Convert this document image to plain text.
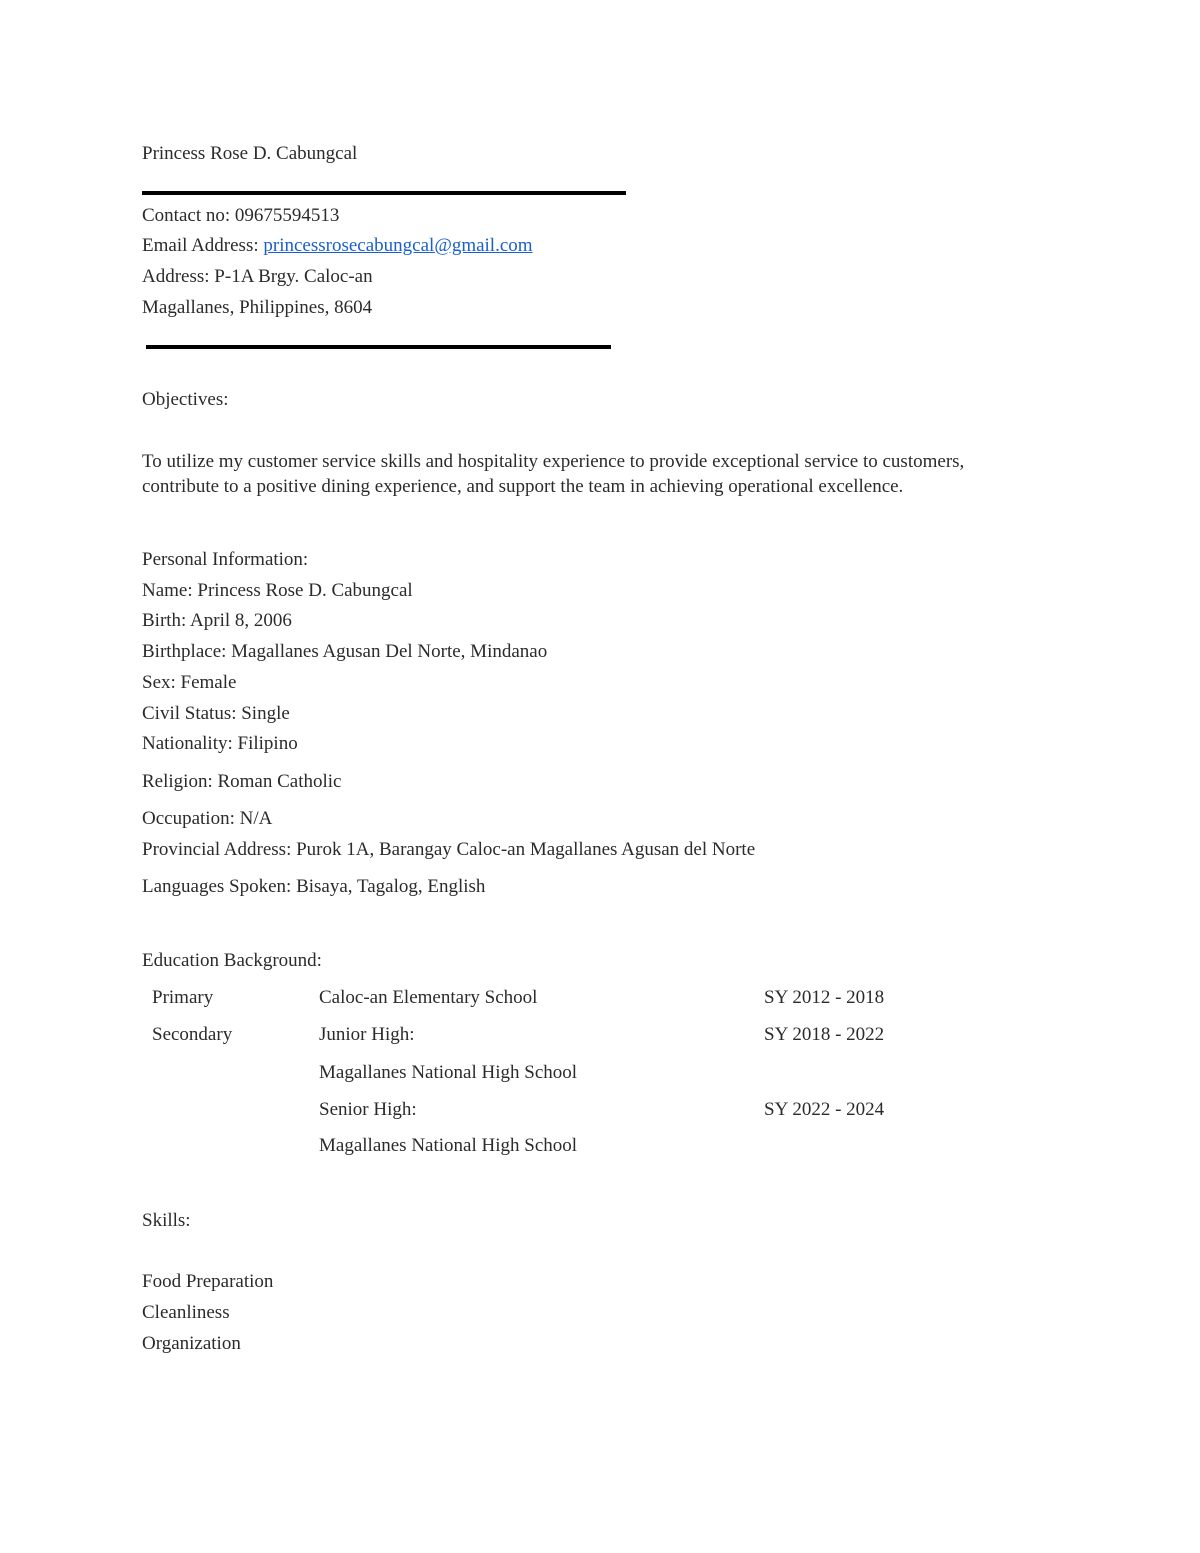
Princess Rose D. Cabungcal
Contact no: 09675594513
Email Address: princessrosecabungcal@gmail.com
Address: P-1A Brgy. Caloc-an
Magallanes, Philippines, 8604
Objectives:
To utilize my customer service skills and hospitality experience to provide exceptional service to customers, contribute to a positive dining experience, and support the team in achieving operational excellence.
Personal Information:
Name: Princess Rose D. Cabungcal
Birth: April 8, 2006
Birthplace: Magallanes Agusan Del Norte, Mindanao
Sex: Female
Civil Status: Single
Nationality: Filipino
Religion: Roman Catholic
Occupation: N/A
Provincial Address: Purok 1A, Barangay Caloc-an Magallanes Agusan del Norte
Languages Spoken: Bisaya, Tagalog, English
Education Background:
Primary	Caloc-an Elementary School	SY 2012 - 2018
Secondary	Junior High:	SY 2018 - 2022
Magallanes National High School
Senior High:	SY 2022 - 2024
Magallanes National High School
Skills:
Food Preparation
Cleanliness
Organization
